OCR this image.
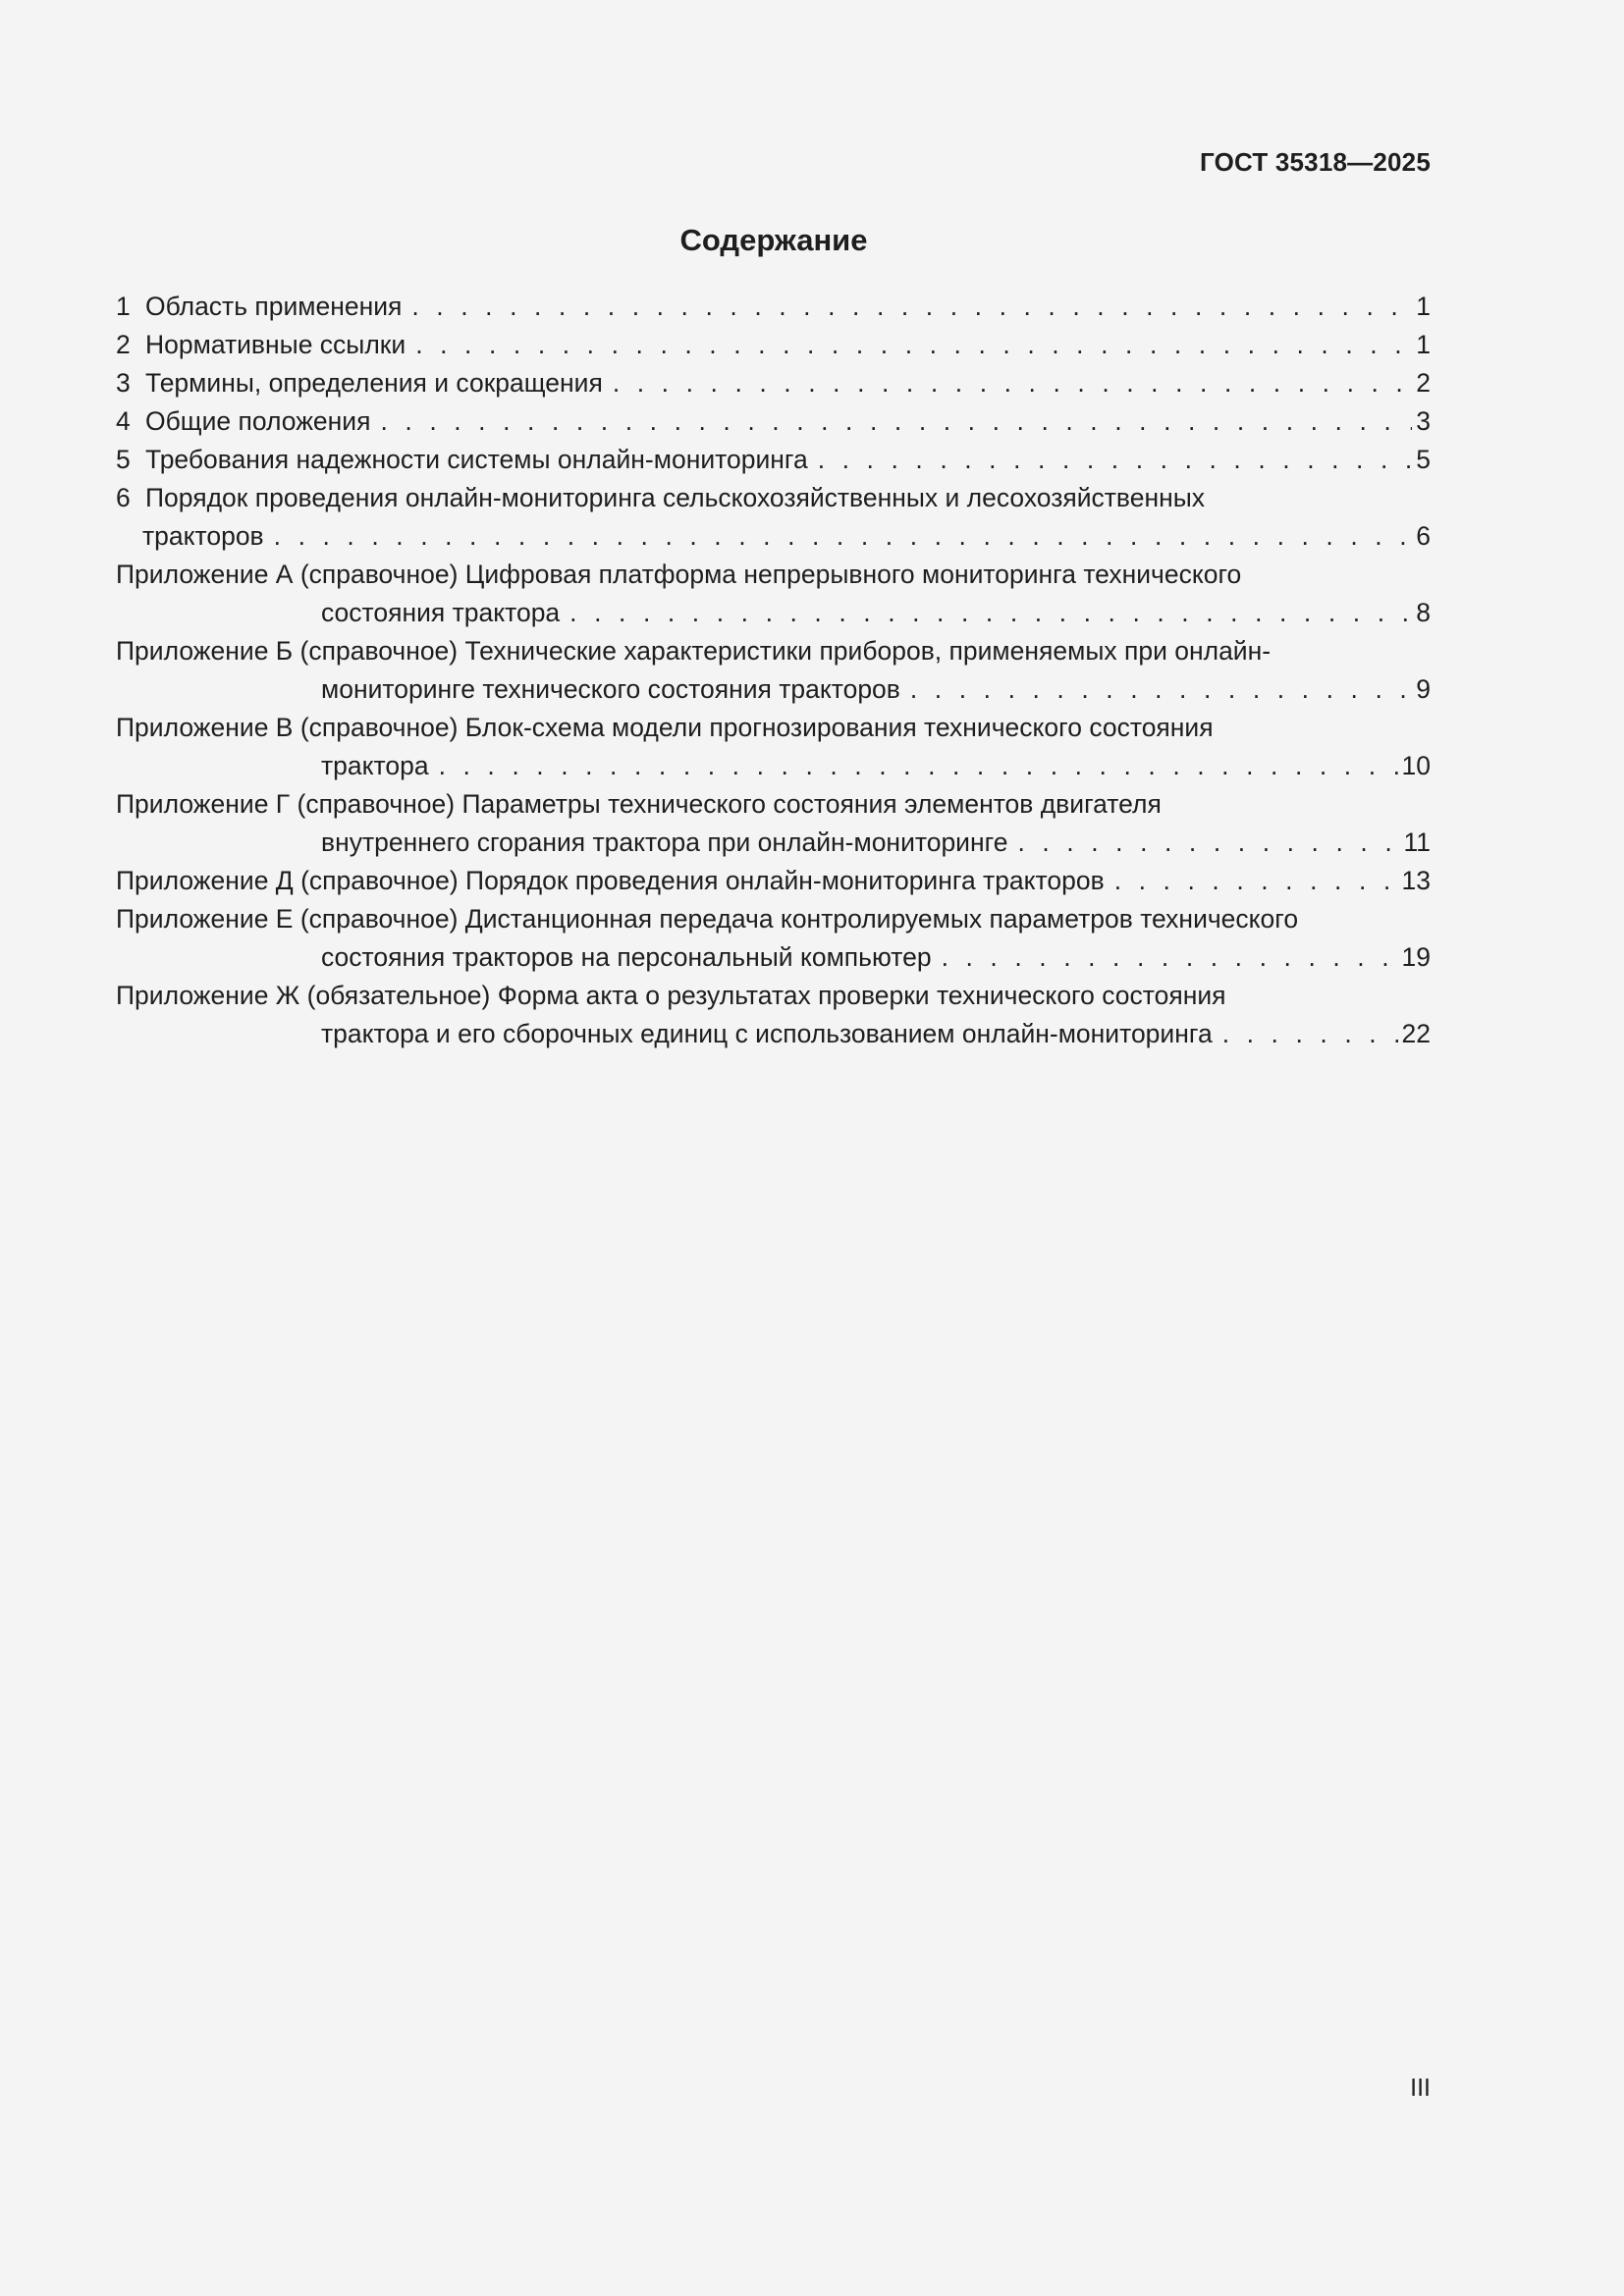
ГОСТ 35318—2025
Содержание
1 Область применения . . .	1
2 Нормативные ссылки . . .	1
3 Термины, определения и сокращения . . .	2
4 Общие положения . . .	3
5 Требования надежности системы онлайн-мониторинга . . .	5
6 Порядок проведения онлайн-мониторинга сельскохозяйственных и лесохозяйственных
тракторов . . .	6
Приложение А (справочное) Цифровая платформа непрерывного мониторинга технического
состояния трактора . . .	8
Приложение Б (справочное) Технические характеристики приборов, применяемых при онлайн-
мониторинге технического состояния тракторов . . .	9
Приложение В (справочное) Блок-схема модели прогнозирования технического состояния
трактора . . .	10
Приложение Г (справочное) Параметры технического состояния элементов двигателя
внутреннего сгорания трактора при онлайн-мониторинге . . .	11
Приложение Д (справочное) Порядок проведения онлайн-мониторинга тракторов . . .	13
Приложение Е (справочное) Дистанционная передача контролируемых параметров технического
состояния тракторов на персональный компьютер . . .	19
Приложение Ж (обязательное) Форма акта о результатах проверки технического состояния
трактора и его сборочных единиц с использованием онлайн-мониторинга . . .	22
III
